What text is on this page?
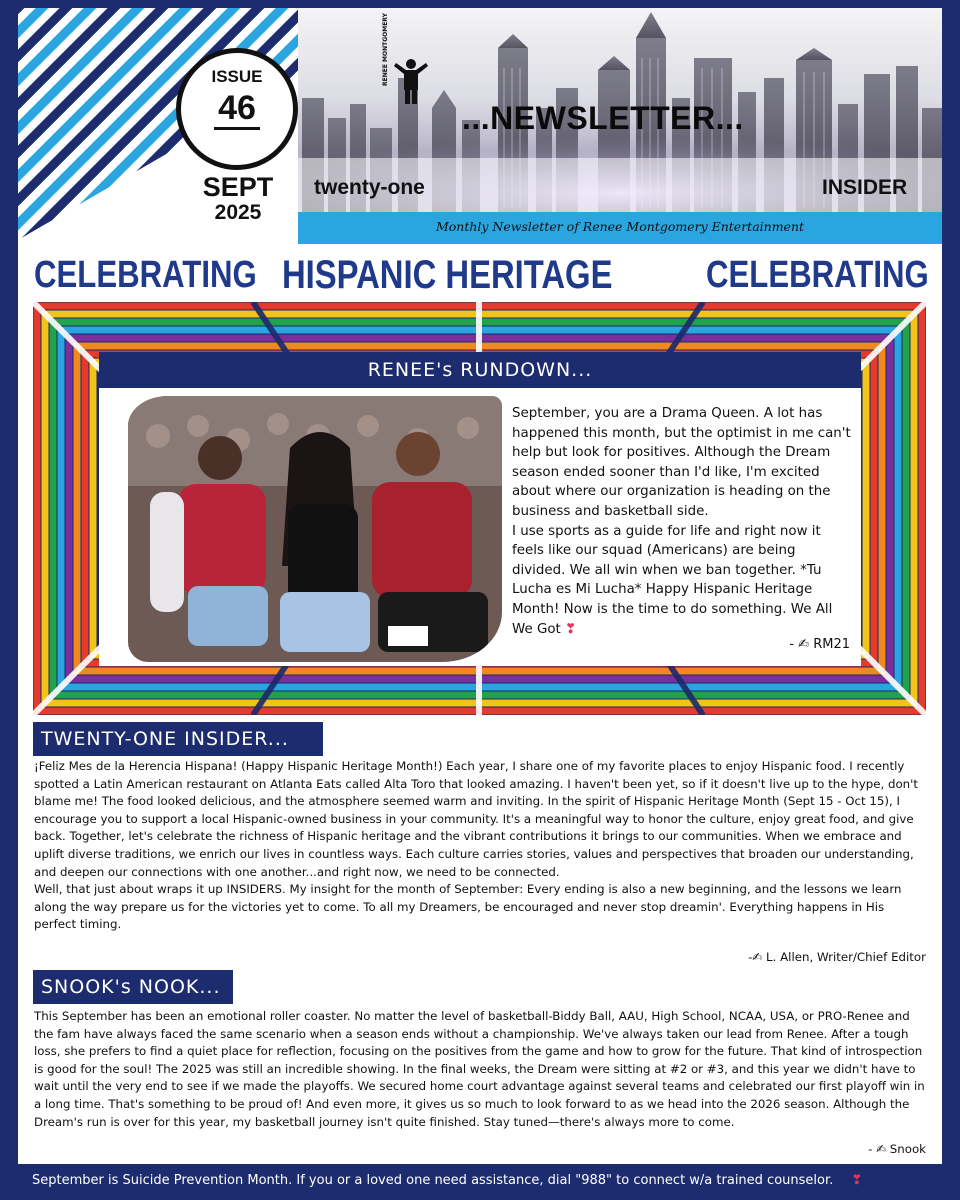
ISSUE
46
SEPT
2025
RENEE MONTGOMERY
...NEWSLETTER...
twenty-one	INSIDER
Monthly Newsletter of Renee Montgomery Entertainment
CELEBRATING HISPANIC HERITAGE CELEBRATING
RENEE's RUNDOWN...

September, you are a Drama Queen. A lot has happened this month, but the optimist in me can't help but look for positives. Although the Dream season ended sooner than I'd like, I'm excited about where our organization is heading on the business and basketball side.

I use sports as a guide for life and right now it feels like our squad (Americans) are being divided. We all win when we ban together. *Tu Lucha es Mi Lucha* Happy Hispanic Heritage Month! Now is the time to do something. We All We Got ❣

- ✍ RM21
TWENTY-ONE INSIDER...

¡Feliz Mes de la Herencia Hispana! (Happy Hispanic Heritage Month!) Each year, I share one of my favorite places to enjoy Hispanic food. I recently spotted a Latin American restaurant on Atlanta Eats called Alta Toro that looked amazing. I haven't been yet, so if it doesn't live up to the hype, don't blame me! The food looked delicious, and the atmosphere seemed warm and inviting. In the spirit of Hispanic Heritage Month (Sept 15 - Oct 15), I encourage you to support a local Hispanic-owned business in your community. It's a meaningful way to honor the culture, enjoy great food, and give back. Together, let's celebrate the richness of Hispanic heritage and the vibrant contributions it brings to our communities. When we embrace and uplift diverse traditions, we enrich our lives in countless ways. Each culture carries stories, values and perspectives that broaden our understanding, and deepen our connections with one another...and right now, we need to be connected.

Well, that just about wraps it up INSIDERS. My insight for the month of September: Every ending is also a new beginning, and the lessons we learn along the way prepare us for the victories yet to come. To all my Dreamers, be encouraged and never stop dreamin'. Everything happens in His perfect timing.

-✍ L. Allen, Writer/Chief Editor
SNOOK's NOOK...

This September has been an emotional roller coaster. No matter the level of basketball-Biddy Ball, AAU, High School, NCAA, USA, or PRO-Renee and the fam have always faced the same scenario when a season ends without a championship. We've always taken our lead from Renee. After a tough loss, she prefers to find a quiet place for reflection, focusing on the positives from the game and how to grow for the future. That kind of introspection is good for the soul! The 2025 was still an incredible showing. In the final weeks, the Dream were sitting at #2 or #3, and this year we didn't have to wait until the very end to see if we made the playoffs. We secured home court advantage against several teams and celebrated our first playoff win in a long time. That's something to be proud of! And even more, it gives us so much to look forward to as we head into the 2026 season. Although the Dream's run is over for this year, my basketball journey isn't quite finished. Stay tuned—there's always more to come.

- ✍ Snook
September is Suicide Prevention Month. If you or a loved one need assistance, dial "988" to connect w/a trained counselor. ❣
